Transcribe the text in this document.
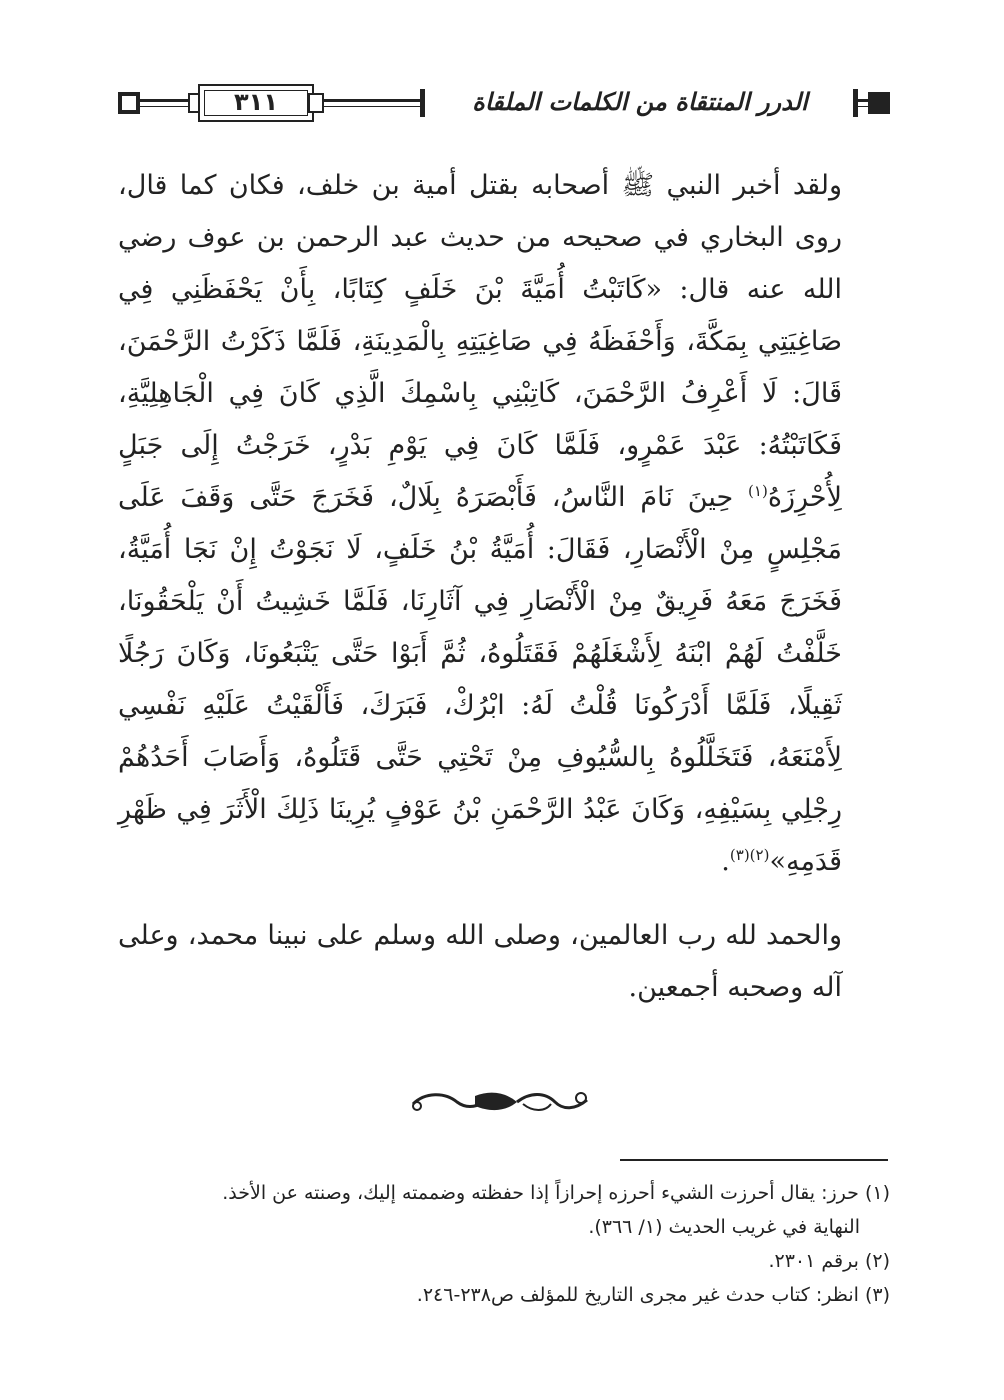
٣١١	الدرر المنتقاة من الكلمات الملقاة

ولقد أخبر النبي ﷺ أصحابه بقتل أمية بن خلف، فكان كما قال، روى البخاري في صحيحه من حديث عبد الرحمن بن عوف رضي الله عنه قال: «كَاتَبْتُ أُمَيَّةَ بْنَ خَلَفٍ كِتَابًا، بِأَنْ يَحْفَظَنِي فِي صَاغِيَتِي بِمَكَّةَ، وَأَحْفَظَهُ فِي صَاغِيَتِهِ بِالْمَدِينَةِ، فَلَمَّا ذَكَرْتُ الرَّحْمَنَ، قَالَ: لَا أَعْرِفُ الرَّحْمَنَ، كَاتِبْنِي بِاسْمِكَ الَّذِي كَانَ فِي الْجَاهِلِيَّةِ، فَكَاتَبْتُهُ: عَبْدَ عَمْرٍو، فَلَمَّا كَانَ فِي يَوْمِ بَدْرٍ، خَرَجْتُ إِلَى جَبَلٍ لِأُحْرِزَهُ$^{(١)}$ حِينَ نَامَ النَّاسُ، فَأَبْصَرَهُ بِلَالٌ، فَخَرَجَ حَتَّى وَقَفَ عَلَى مَجْلِسٍ مِنْ الْأَنْصَارِ، فَقَالَ: أُمَيَّةُ بْنُ خَلَفٍ، لَا نَجَوْتُ إِنْ نَجَا أُمَيَّةُ، فَخَرَجَ مَعَهُ فَرِيقٌ مِنْ الْأَنْصَارِ فِي آثَارِنَا، فَلَمَّا خَشِيتُ أَنْ يَلْحَقُونَا، خَلَّفْتُ لَهُمْ ابْنَهُ لِأَشْغَلَهُمْ فَقَتَلُوهُ، ثُمَّ أَبَوْا حَتَّى يَتْبَعُونَا، وَكَانَ رَجُلًا ثَقِيلًا، فَلَمَّا أَدْرَكُونَا قُلْتُ لَهُ: ابْرُكْ، فَبَرَكَ، فَأَلْقَيْتُ عَلَيْهِ نَفْسِي لِأَمْنَعَهُ، فَتَخَلَّلُوهُ بِالسُّيُوفِ مِنْ تَحْتِي حَتَّى قَتَلُوهُ، وَأَصَابَ أَحَدُهُمْ رِجْلِي بِسَيْفِهِ، وَكَانَ عَبْدُ الرَّحْمَنِ بْنُ عَوْفٍ يُرِينَا ذَلِكَ الْأَثَرَ فِي ظَهْرِ قَدَمِهِ»$^{(٢)(٣)}$.

والحمد لله رب العالمين، وصلى الله وسلم على نبينا محمد، وعلى آله وصحبه أجمعين.

(١) حرز: يقال أحرزت الشيء أحرزه إحرازاً إذا حفظته وضممته إليك، وصنته عن الأخذ.

النهاية في غريب الحديث (١/ ٣٦٦).

(٢) برقم ٢٣٠١.

(٣) انظر: كتاب حدث غير مجرى التاريخ للمؤلف ص٢٣٨-٢٤٦.
